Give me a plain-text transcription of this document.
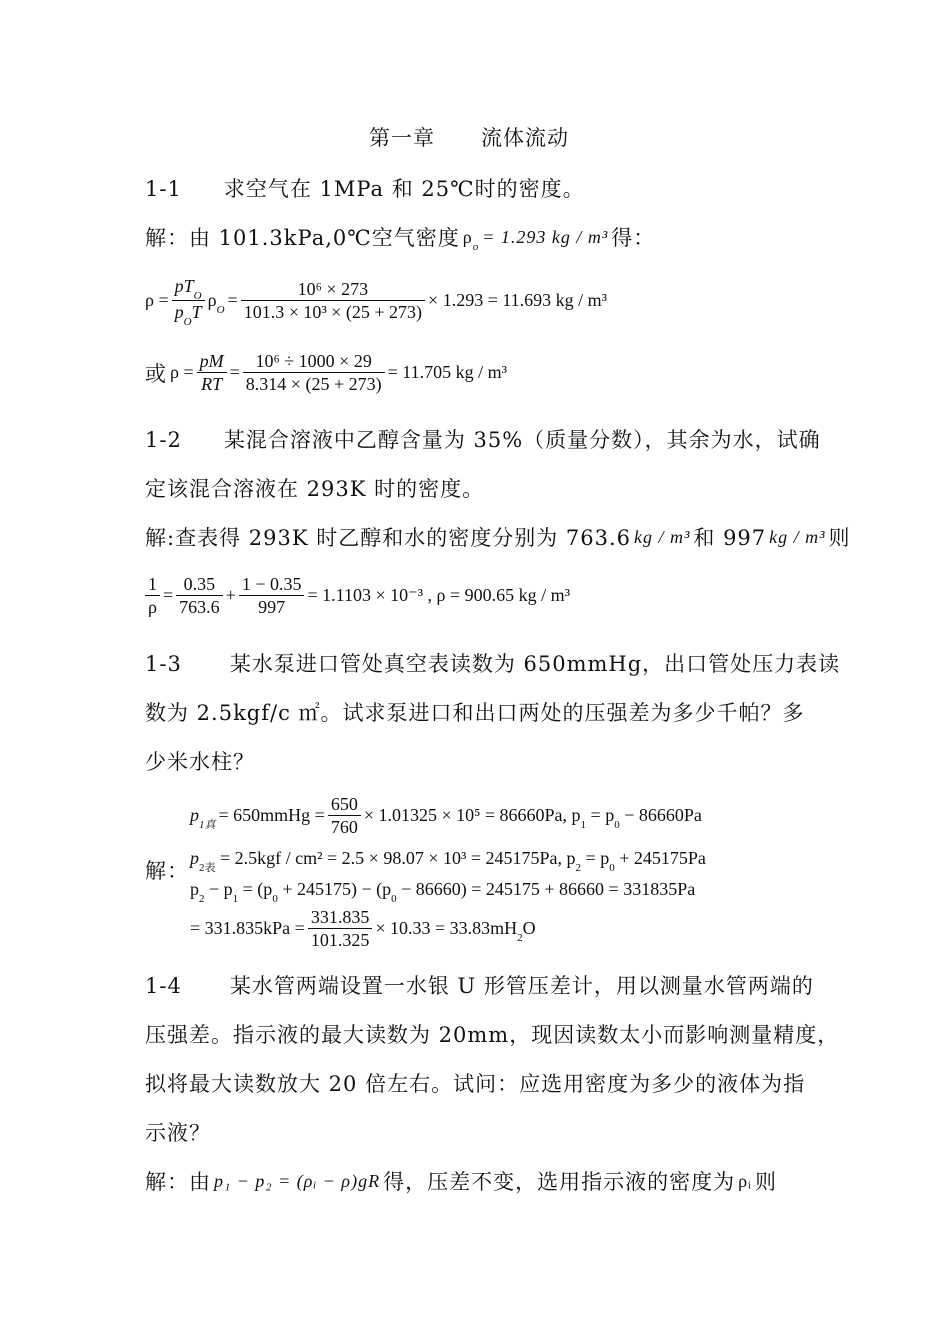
第一章 流体流动
1-1 求空气在 1MPa 和 25℃时的密度。
解：由 101.3kPa,0℃空气密度 $\rho_o = 1.293$ kg / m³ 得：
$\rho = \frac{pT_O}{p_OT} \rho_O = \frac{\text{10⁶ × 273}}{\text{101.3 × 10³ × (25 + 273)}} \times 1.293 = 11.693$ kg / m³
或 $\rho = \frac{pM}{RT} = \frac{\text{10⁶ ÷ 1000 × 29}}{8.314 \times (25 + 273)} = 11.705$ kg / m³
1-2 某混合溶液中乙醇含量为 35%（质量分数），其余为水，试确
定该混合溶液在 293K 时的密度。
解:查表得 293K 时乙醇和水的密度分别为 763.6 kg / m³ 和 997 kg / m³ 则
$\frac{1}{\rho} = \frac{0.35}{763.6} + \frac{1 - 0.35}{997} = 1.1103 \times 10^{-3}$ , ρ = 900.65 kg / m³
1-3 某水泵进口管处真空表读数为 650mmHg，出口管处压力表读
数为 2.5kgf/c ㎡。试求泵进口和出口两处的压强差为多少千帕？多
少米水柱？
解：
$p_{1真}$ = 650mmHg = $\frac{650}{760} \times 1.01325 \times 10^5 = 86660Pa$, $p_1 = p_0 - 86660Pa$
$p_{2表} = 2.5kgf / cm^2 = 2.5 \times 98.07 \times 10^3 = 245175Pa$, $p_2 = p_0 + 245175Pa$
$p_2 - p_1 = (p_0 + 245175) - (p_0 - 86660) = 245175 + 86660 = 331835Pa$
= $331.835kPa = \frac{331.835}{101.325} \times 10.33 = 33.83mH_2O$
1-4 某水管两端设置一水银 U 形管压差计，用以测量水管两端的
压强差。指示液的最大读数为 20mm，现因读数太小而影响测量精度，
拟将最大读数放大 20 倍左右。试问：应选用密度为多少的液体为指
示液？
解：由 p₁ − p₂ = (ρᵢ − ρ)gR 得，压差不变，选用指示液的密度为 ρᵢ 则
